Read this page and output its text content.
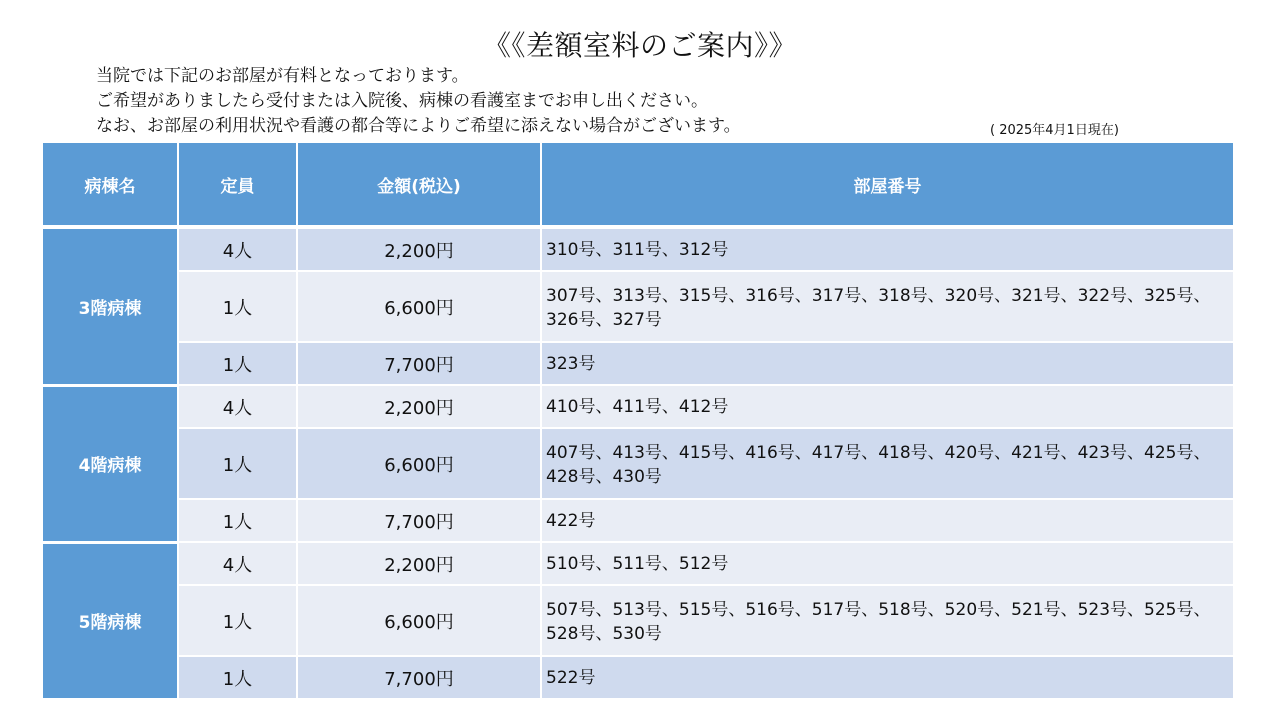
《《差額室料のご案内》》
当院では下記のお部屋が有料となっております。
ご希望がありましたら受付または入院後、病棟の看護室までお申し出ください。
なお、お部屋の利用状況や看護の都合等によりご希望に添えない場合がございます。	( 2025年4月1日現在)
病棟名	定員	金額(税込)	部屋番号
3階病棟	4人	2,200円	310号、311号、312号
	1人	6,600円	307号、313号、315号、316号、317号、318号、320号、321号、322号、325号、326号、327号
	1人	7,700円	323号
4階病棟	4人	2,200円	410号、411号、412号
	1人	6,600円	407号、413号、415号、416号、417号、418号、420号、421号、423号、425号、428号、430号
	1人	7,700円	422号
5階病棟	4人	2,200円	510号、511号、512号
	1人	6,600円	507号、513号、515号、516号、517号、518号、520号、521号、523号、525号、528号、530号
	1人	7,700円	522号
